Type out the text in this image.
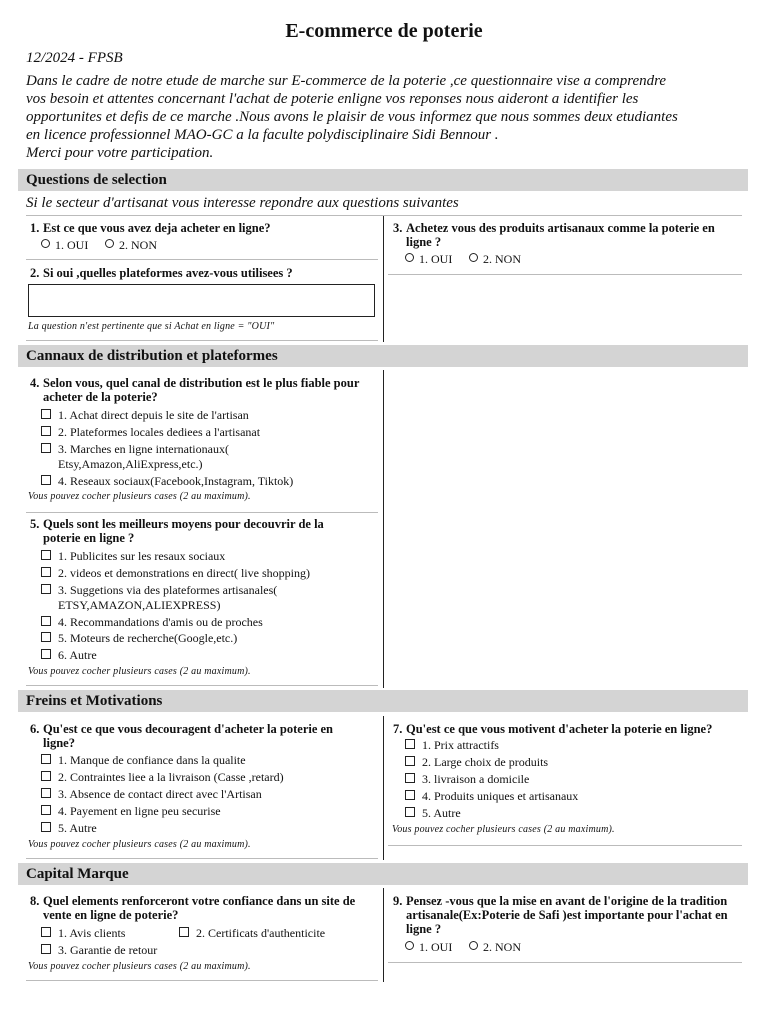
E-commerce de poterie
12/2024 - FPSB
Dans le cadre de notre etude de marche sur E-commerce de la poterie ,ce questionnaire vise a comprendre
vos besoin et attentes concernant l'achat de poterie enligne vos reponses nous aideront a identifier les
opportunites et defis de ce marche .Nous avons le plaisir de vous informez que nous sommes deux etudiantes
en licence professionnel MAO-GC a la faculte polydisciplinaire Sidi Bennour .
Merci pour votre participation.
Questions de selection
Si le secteur d'artisanat vous interesse repondre aux questions suivantes
1. Est ce que vous avez deja acheter en ligne?
1. OUI	2. NON
2. Si oui ,quelles plateformes avez-vous utilisees ?
La question n'est pertinente que si Achat en ligne = "OUI"
3. Achetez vous des produits artisanaux comme la poterie en
ligne ?
1. OUI	2. NON
Cannaux de distribution et plateformes
4. Selon vous, quel canal de distribution est le plus fiable pour
acheter de la poterie?
1. Achat direct depuis le site de l'artisan
2. Plateformes locales dediees a l'artisanat
3. Marches en ligne internationaux(
Etsy,Amazon,AliExpress,etc.)
4. Reseaux sociaux(Facebook,Instagram, Tiktok)
Vous pouvez cocher plusieurs cases (2 au maximum).
5. Quels sont les meilleurs moyens pour decouvrir de la
poterie en ligne ?
1. Publicites sur les resaux sociaux
2. videos et demonstrations en direct( live shopping)
3. Suggetions via des plateformes artisanales(
ETSY,AMAZON,ALIEXPRESS)
4. Recommandations d'amis ou de proches
5. Moteurs de recherche(Google,etc.)
6. Autre
Vous pouvez cocher plusieurs cases (2 au maximum).
Freins et Motivations
6. Qu'est ce que vous decouragent d'acheter la poterie en
ligne?
1. Manque de confiance dans la qualite
2. Contraintes liee a la livraison (Casse ,retard)
3. Absence de contact direct avec l'Artisan
4. Payement en ligne peu securise
5. Autre
Vous pouvez cocher plusieurs cases (2 au maximum).
7. Qu'est ce que vous motivent d'acheter la poterie en ligne?
1. Prix attractifs
2. Large choix de produits
3. livraison a domicile
4. Produits uniques et artisanaux
5. Autre
Vous pouvez cocher plusieurs cases (2 au maximum).
Capital Marque
8. Quel elements renforceront votre confiance dans un site de
vente en ligne de poterie?
1. Avis clients	2. Certificats d'authenticite
3. Garantie de retour
Vous pouvez cocher plusieurs cases (2 au maximum).
9. Pensez -vous que la mise en avant de l'origine de la tradition
artisanale(Ex:Poterie de Safi )est importante pour l'achat en
ligne ?
1. OUI	2. NON
